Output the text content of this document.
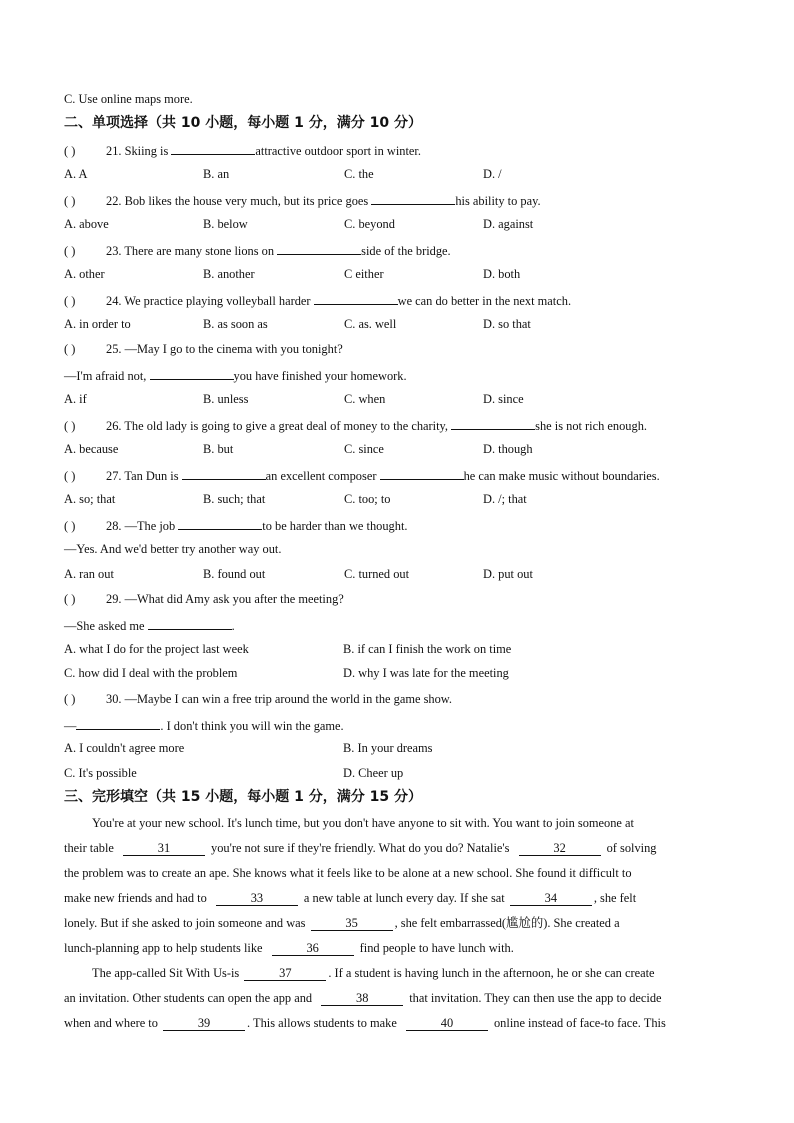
C. Use online maps more.
二、单项选择（共 10 小题，每小题 1 分，满分 10 分）
( ) 21. Skiing is	attractive outdoor sport in winter.
A. A	B. an	C. the	D. /
( ) 22. Bob likes the house very much, but its price goes	his ability to pay.
A. above	B. below	C. beyond	D. against
( ) 23. There are many stone lions on	side of the bridge.
A. other	B. another	C either	D. both
( ) 24. We practice playing volleyball harder	we can do better in the next match.
A. in order to	B. as soon as	C. as. well	D. so that
( ) 25. —May I go to the cinema with you tonight?
—I'm afraid not,	you have finished your homework.
A. if	B. unless	C. when	D. since
( ) 26. The old lady is going to give a great deal of money to the charity,	she is not rich enough.
A. because	B. but	C. since	D. though
( ) 27. Tan Dun is	an excellent composer	he can make music without boundaries.
A. so; that	B. such; that	C. too; to	D. /; that
( ) 28. —The job	to be harder than we thought.
—Yes. And we'd better try another way out.
A. ran out	B. found out	C. turned out	D. put out
( ) 29. —What did Amy ask you after the meeting?
—She asked me	.
A. what I do for the project last week	B. if can I finish the work on time
C. how did I deal with the problem	D. why I was late for the meeting
( ) 30. —Maybe I can win a free trip around the world in the game show.
—	. I don't think you will win the game.
A. I couldn't agree more	B. In your dreams
C. It's possible	D. Cheer up
三、完形填空（共 15 小题，每小题 1 分，满分 15 分）
You're at your new school. It's lunch time, but you don't have anyone to sit with. You want to join someone at
their table	31	you're not sure if they're friendly. What do you do? Natalie's	32	of solving
the problem was to create an ape. She knows what it feels like to be alone at a new school. She found it difficult to
make new friends and had to	33	a new table at lunch every day. If she sat	34	, she felt
lonely. But if she asked to join someone and was	35	, she felt embarrassed(尴尬的). She created a
lunch-planning app to help students like	36	find people to have lunch with.
The app-called Sit With Us-is	37	. If a student is having lunch in the afternoon, he or she can create
an invitation. Other students can open the app and	38	that invitation. They can then use the app to decide
when and where to	39	. This allows students to make	40	online instead of face-to face. This
